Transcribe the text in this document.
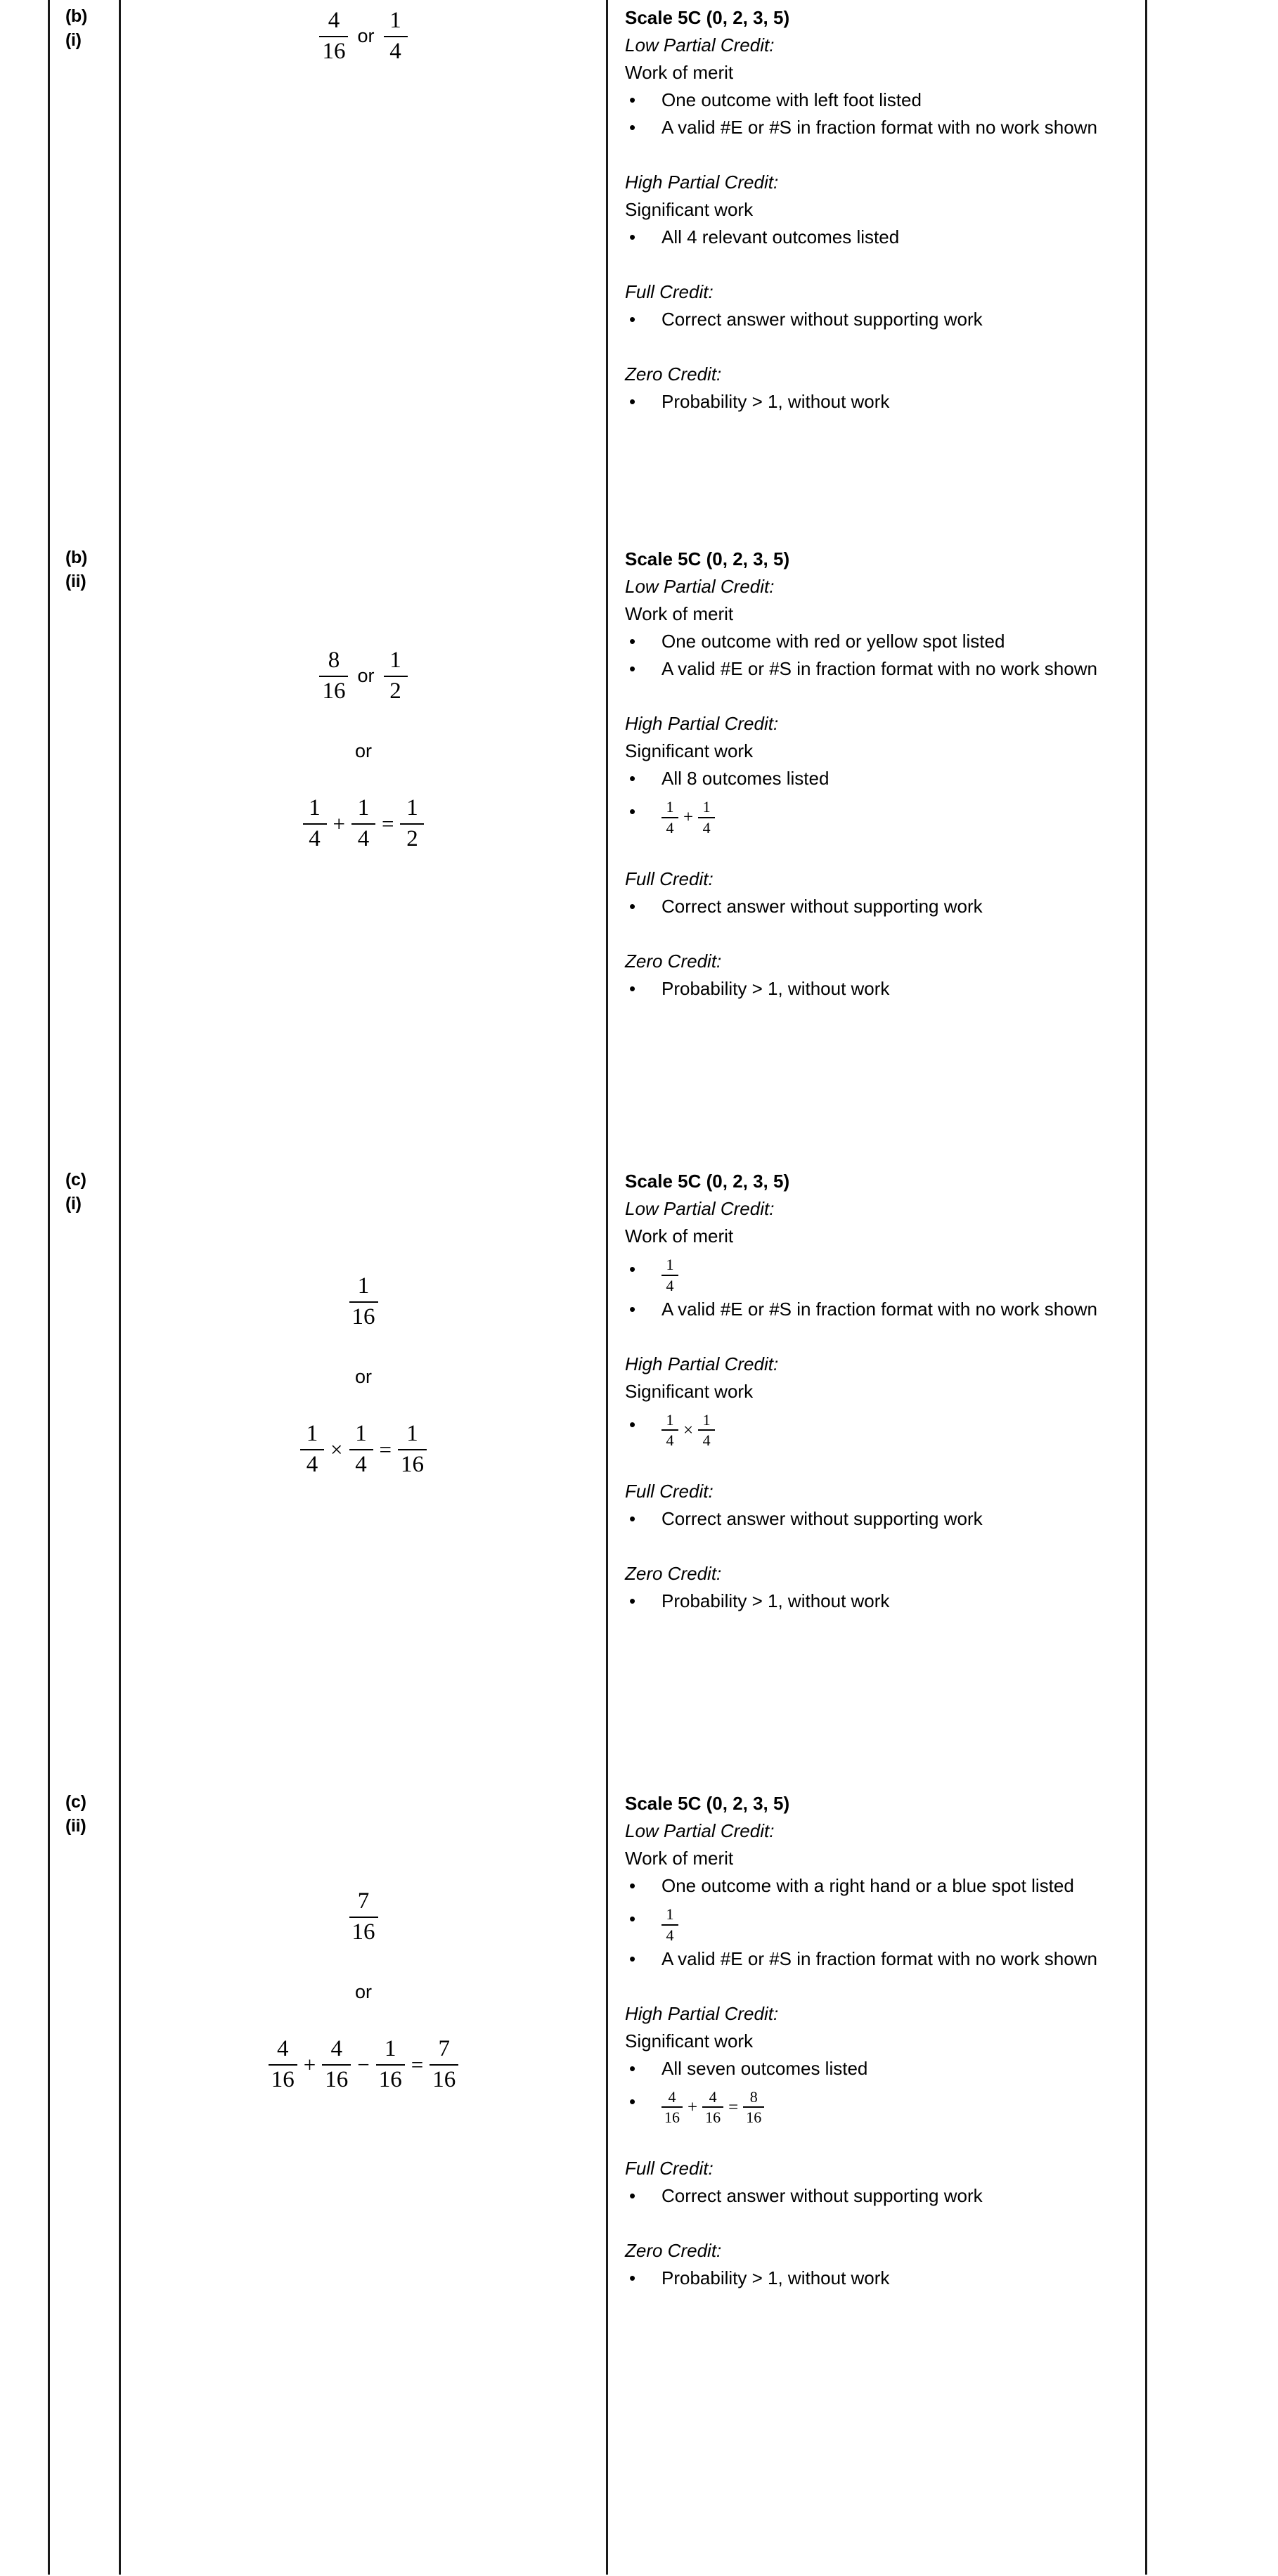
(b)
(i)	$\frac{4}{16}$ or $\frac{1}{4}$	Scale 5C (0, 2, 3, 5)
Low Partial Credit:
Work of merit
• One outcome with left foot listed
• A valid #E or #S in fraction format with no work shown
High Partial Credit:
Significant work
• All 4 relevant outcomes listed
Full Credit:
• Correct answer without supporting work
Zero Credit:
• Probability > 1, without work
(b)
(ii)
$\frac{8}{16}$ or $\frac{1}{2}$
or
$\frac{1}{4} + \frac{1}{4} = \frac{1}{2}$
Scale 5C (0, 2, 3, 5)
Low Partial Credit:
Work of merit
• One outcome with red or yellow spot listed
• A valid #E or #S in fraction format with no work shown
High Partial Credit:
Significant work
• All 8 outcomes listed
• $\frac{1}{4} + \frac{1}{4}$
Full Credit:
• Correct answer without supporting work
Zero Credit:
• Probability > 1, without work
(c)
(i)
$\frac{1}{16}$
or
$\frac{1}{4} \times \frac{1}{4} = \frac{1}{16}$
Scale 5C (0, 2, 3, 5)
Low Partial Credit:
Work of merit
• $\frac{1}{4}$
• A valid #E or #S in fraction format with no work shown
High Partial Credit:
Significant work
• $\frac{1}{4} \times \frac{1}{4}$
Full Credit:
• Correct answer without supporting work
Zero Credit:
• Probability > 1, without work
(c)
(ii)
$\frac{7}{16}$
or
$\frac{4}{16} + \frac{4}{16} - \frac{1}{16} = \frac{7}{16}$
Scale 5C (0, 2, 3, 5)
Low Partial Credit:
Work of merit
• One outcome with a right hand or a blue spot listed
• $\frac{1}{4}$
• A valid #E or #S in fraction format with no work shown
High Partial Credit:
Significant work
• All seven outcomes listed
• $\frac{4}{16} + \frac{4}{16} = \frac{8}{16}$
Full Credit:
• Correct answer without supporting work
Zero Credit:
• Probability > 1, without work
